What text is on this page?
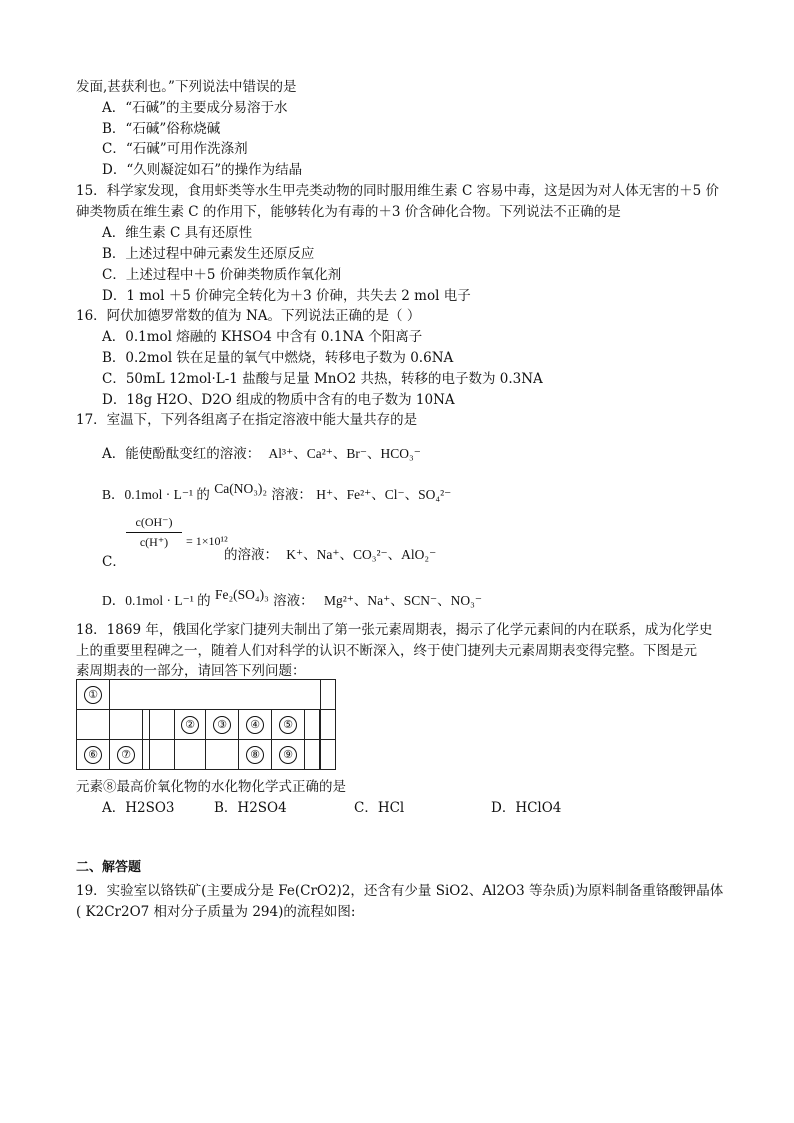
发面,甚获利也。”下列说法中错误的是
A．“石碱”的主要成分易溶于水
B．“石碱”俗称烧碱
C．“石碱”可用作洗涤剂
D．“久则凝淀如石”的操作为结晶
15．科学家发现，食用虾类等水生甲壳类动物的同时服用维生素 C 容易中毒，这是因为对人体无害的＋5 价
砷类物质在维生素 C 的作用下，能够转化为有毒的＋3 价含砷化合物。下列说法不正确的是
A．维生素 C 具有还原性
B．上述过程中砷元素发生还原反应
C．上述过程中＋5 价砷类物质作氧化剂
D．1 mol ＋5 价砷完全转化为＋3 价砷，共失去 2 mol 电子
16．阿伏加德罗常数的值为 NA。下列说法正确的是（ ）
A．0.1mol 熔融的 KHSO4 中含有 0.1NA 个阳离子
B．0.2mol 铁在足量的氧气中燃烧，转移电子数为 0.6NA
C．50mL 12mol·L-1 盐酸与足量 MnO2 共热，转移的电子数为 0.3NA
D．18g H2O、D2O 组成的物质中含有的电子数为 10NA
17．室温下，下列各组离子在指定溶液中能大量共存的是
A．能使酚酞变红的溶液： Al³⁺、Ca²⁺、Br⁻、HCO₃⁻
B．0.1mol · L⁻¹ 的 Ca(NO₃)₂ 溶液： H⁺、Fe²⁺、Cl⁻、SO₄²⁻
c(OH⁻)
c(H⁺)	= 1×10¹²
C．	的溶液： K⁺、Na⁺、CO₃²⁻、AlO₂⁻
D．0.1mol · L⁻¹ 的 Fe₂(SO₄)₃ 溶液： Mg²⁺、Na⁺、SCN⁻、NO₃⁻
18．1869 年，俄国化学家门捷列夫制出了第一张元素周期表，揭示了化学元素间的内在联系，成为化学史
上的重要里程碑之一，随着人们对科学的认识不断深入，终于使门捷列夫元素周期表变得完整。下图是元
素周期表的一部分，请回答下列问题：
①									
				②	③	④	⑤			
⑥	⑦					⑧	⑨			
元素⑧最高价氧化物的水化物化学式正确的是
A．H2SO3	B．H2SO4	C．HCl	D．HClO4
二、解答题
19．实验室以铬铁矿(主要成分是 Fe(CrO2)2，还含有少量 SiO2、Al2O3 等杂质)为原料制备重铬酸钾晶体
( K2Cr2O7 相对分子质量为 294)的流程如图:
